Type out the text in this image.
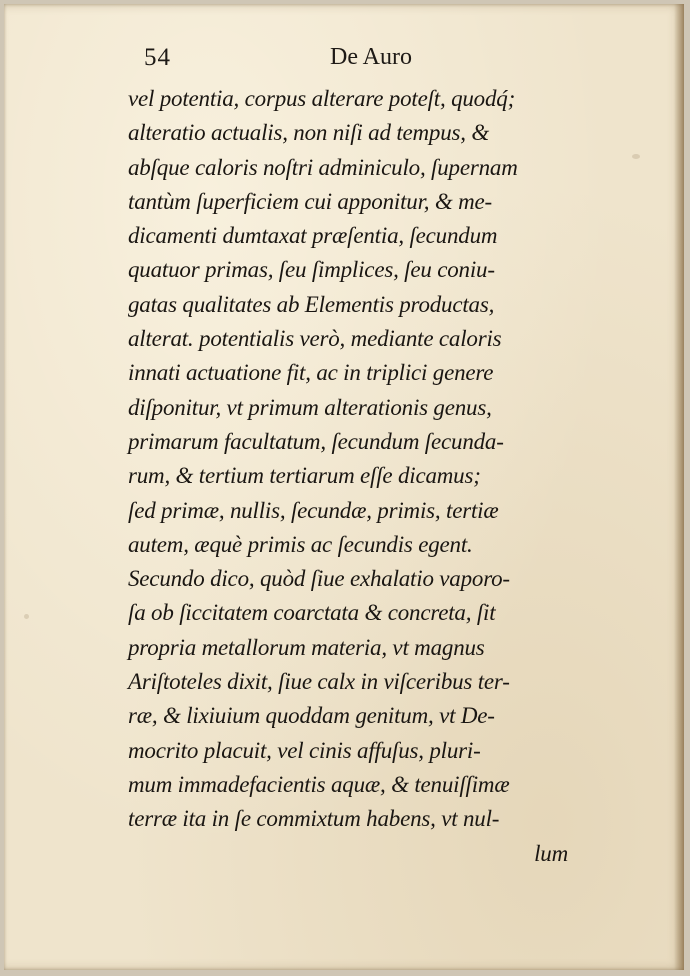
54	De Auro
vel potentia, corpus alterare poteſt, quodq́;
alteratio actualis, non niſi ad tempus, &
abſque caloris noſtri adminiculo, ſupernam
tantùm ſuperficiem cui apponitur, & me-
dicamenti dumtaxat præſentia, ſecundum
quatuor primas, ſeu ſimplices, ſeu coniu-
gatas qualitates ab Elementis productas,
alterat. potentialis verò, mediante caloris
innati actuatione fit, ac in triplici genere
diſponitur, vt primum alterationis genus,
primarum facultatum, ſecundum ſecunda-
rum, & tertium tertiarum eſſe dicamus;
ſed primæ, nullis, ſecundæ, primis, tertiæ
autem, æquè primis ac ſecundis egent.
Secundo dico, quòd ſiue exhalatio vaporo-
ſa ob ſiccitatem coarctata & concreta, ſit
propria metallorum materia, vt magnus
Ariſtoteles dixit, ſiue calx in viſceribus ter-
ræ, & lixiuium quoddam genitum, vt De-
mocrito placuit, vel cinis affuſus, pluri-
mum immadefacientis aquæ, & tenuiſſimæ
terræ ita in ſe commixtum habens, vt nul-
lum
